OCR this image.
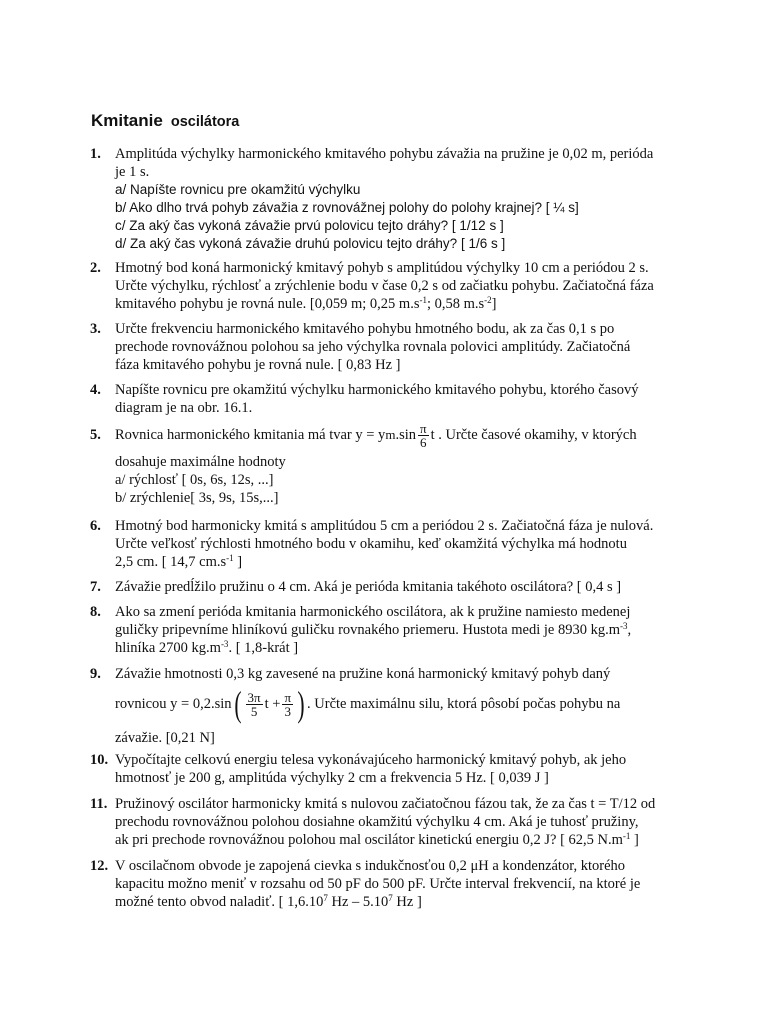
Kmitanie oscilátora
1. Amplitúda výchylky harmonického kmitavého pohybu závažia na pružine je 0,02 m, perióda
je 1 s.
a/ Napíšte rovnicu pre okamžitú výchylku
b/ Ako dlho trvá pohyb závažia z rovnovážnej polohy do polohy krajnej? [ ¼ s]
c/ Za aký čas vykoná závažie prvú polovicu tejto dráhy? [ 1/12 s ]
d/ Za aký čas vykoná závažie druhú polovicu tejto dráhy? [ 1/6 s ]
2. Hmotný bod koná harmonický kmitavý pohyb s amplitúdou výchylky 10 cm a periódou 2 s.
Určte výchylku, rýchlosť a zrýchlenie bodu v čase 0,2 s od začiatku pohybu. Začiatočná fáza
kmitavého pohybu je rovná nule. [0,059 m; 0,25 $m.s^{-1}$; 0,58 $m.s^{-2}$]
3. Určte frekvenciu harmonického kmitavého pohybu hmotného bodu, ak za čas 0,1 s po
prechode rovnovážnou polohou sa jeho výchylka rovnala polovici amplitúdy. Začiatočná
fáza kmitavého pohybu je rovná nule. [ 0,83 Hz ]
4. Napíšte rovnicu pre okamžitú výchylku harmonického kmitavého pohybu, ktorého časový
diagram je na obr. 16.1.
5. Rovnica harmonického kmitania má tvar y = y m $.\sin \frac{\pi}{6}$ t . Určte časové okamihy, v ktorých
dosahuje maximálne hodnoty
a/ rýchlosť [ 0s, 6s, 12s, ...]
b/ zrýchlenie[ 3s, 9s, 15s,...]
6. Hmotný bod harmonicky kmitá s amplitúdou 5 cm a periódou 2 s. Začiatočná fáza je nulová.
Určte veľkosť rýchlosti hmotného bodu v okamihu, keď okamžitá výchylka má hodnotu
2,5 cm. [ 14,7 $cm.s^{-1}$ ]
7. Závažie predĺžilo pružinu o 4 cm. Aká je perióda kmitania takéhoto oscilátora? [ 0,4 s ]
8. Ako sa zmení perióda kmitania harmonického oscilátora, ak k pružine namiesto medenej
guličky pripevníme hliníkovú guličku rovnakého priemeru. Hustota medi je 8930 $kg.m^{-3}$,
hliníka 2700 $kg.m^{-3}$. [ 1,8-krát ]
9. Závažie hmotnosti 0,3 kg zavesené na pružine koná harmonický kmitavý pohyb daný
rovnicou y = 0,2.sin ( $\frac{3\pi}{5}$ $t + \frac{\pi}{3}$ ) . Určte maximálnu silu, ktorá pôsobí počas pohybu na
závažie. [0,21 N]
10. Vypočítajte celkovú energiu telesa vykonávajúceho harmonický kmitavý pohyb, ak jeho
hmotnosť je 200 g, amplitúda výchylky 2 cm a frekvencia 5 Hz. [ 0,039 J ]
11. Pružinový oscilátor harmonicky kmitá s nulovou začiatočnou fázou tak, že za čas t = T/12 od
prechodu rovnovážnou polohou dosiahne okamžitú výchylku 4 cm. Aká je tuhosť pružiny,
ak pri prechode rovnovážnou polohou mal oscilátor kinetickú energiu 0,2 J? [ 62,5 $N.m^{-1}$ ]
12. V oscilačnom obvode je zapojená cievka s indukčnosťou 0,2 μH a kondenzátor, ktorého
kapacitu možno meniť v rozsahu od 50 pF do 500 pF. Určte interval frekvencií, na ktoré je
možné tento obvod naladiť. [ 1,6.10$^7$ Hz – 5.10$^7$ Hz ]
